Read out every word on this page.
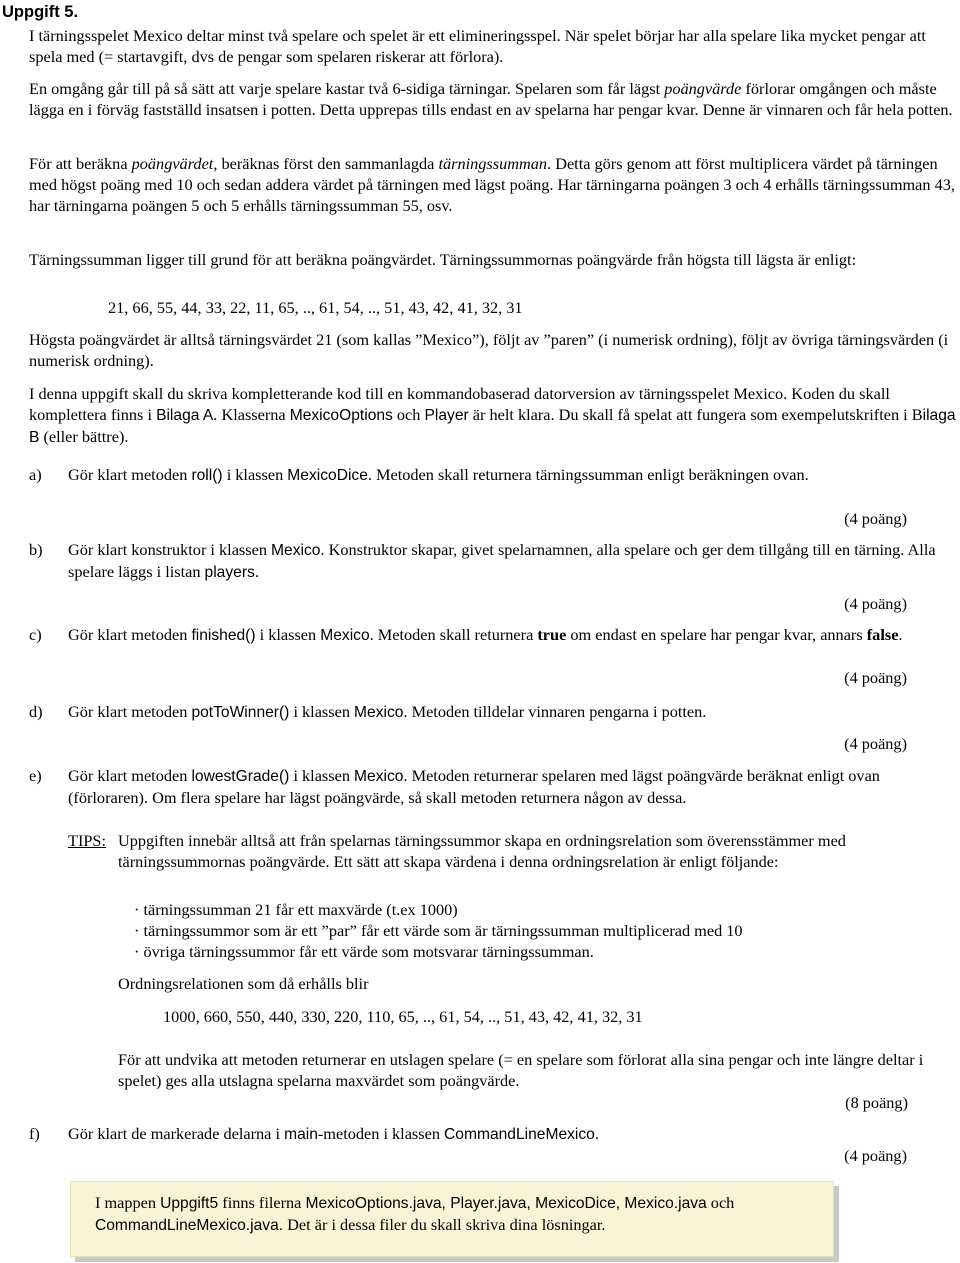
Uppgift 5.

I tärningsspelet Mexico deltar minst två spelare och spelet är ett elimineringsspel. När spelet börjar har alla spelare lika mycket pengar att spela med (= startavgift, dvs de pengar som spelaren riskerar att förlora).

En omgång går till på så sätt att varje spelare kastar två 6-sidiga tärningar. Spelaren som får lägst poängvärde förlorar omgången och måste lägga en i förväg fastställd insatsen i potten. Detta upprepas tills endast en av spelarna har pengar kvar. Denne är vinnaren och får hela potten.

För att beräkna poängvärdet, beräknas först den sammanlagda tärningssumman. Detta görs genom att först multiplicera värdet på tärningen med högst poäng med 10 och sedan addera värdet på tärningen med lägst poäng. Har tärningarna poängen 3 och 4 erhålls tärningssumman 43, har tärningarna poängen 5 och 5 erhålls tärningssumman 55, osv.

Tärningssumman ligger till grund för att beräkna poängvärdet. Tärningssummornas poängvärde från högsta till lägsta är enligt:

21, 66, 55, 44, 33, 22, 11, 65, .., 61, 54, .., 51, 43, 42, 41, 32, 31

Högsta poängvärdet är alltså tärningsvärdet 21 (som kallas ”Mexico”), följt av ”paren” (i numerisk ordning), följt av övriga tärningsvärden (i numerisk ordning).

I denna uppgift skall du skriva kompletterande kod till en kommandobaserad datorversion av tärningsspelet Mexico. Koden du skall komplettera finns i Bilaga A. Klasserna MexicoOptions och Player är helt klara. Du skall få spelat att fungera som exempelutskriften i Bilaga B (eller bättre).

a) Gör klart metoden roll() i klassen MexicoDice. Metoden skall returnera tärningssumman enligt beräkningen ovan.

(4 poäng)
b) Gör klart konstruktor i klassen Mexico. Konstruktor skapar, givet spelarnamnen, alla spelare och ger dem tillgång till en tärning. Alla spelare läggs i listan players.

(4 poäng)
c) Gör klart metoden finished() i klassen Mexico. Metoden skall returnera true om endast en spelare har pengar kvar, annars false.

(4 poäng)
d) Gör klart metoden potToWinner() i klassen Mexico. Metoden tilldelar vinnaren pengarna i potten.

(4 poäng)
e) Gör klart metoden lowestGrade() i klassen Mexico. Metoden returnerar spelaren med lägst poängvärde beräknat enligt ovan (förloraren). Om flera spelare har lägst poängvärde, så skall metoden returnera någon av dessa.

TIPS: Uppgiften innebär alltså att från spelarnas tärningssummor skapa en ordningsrelation som överensstämmer med tärningssummornas poängvärde. Ett sätt att skapa värdena i denna ordningsrelation är enligt följande:

· tärningssumman 21 får ett maxvärde (t.ex 1000)
· tärningssummor som är ett ”par” får ett värde som är tärningssumman multiplicerad med 10
· övriga tärningssummor får ett värde som motsvarar tärningssumman.
Ordningsrelationen som då erhålls blir
1000, 660, 550, 440, 330, 220, 110, 65, .., 61, 54, .., 51, 43, 42, 41, 32, 31

För att undvika att metoden returnerar en utslagen spelare (= en spelare som förlorat alla sina pengar och inte längre deltar i spelet) ges alla utslagna spelarna maxvärdet som poängvärde.

(8 poäng)
f) Gör klart de markerade delarna i main-metoden i klassen CommandLineMexico.

(4 poäng)

I mappen Uppgift5 finns filerna MexicoOptions.java, Player.java, MexicoDice, Mexico.java och CommandLineMexico.java. Det är i dessa filer du skall skriva dina lösningar.
